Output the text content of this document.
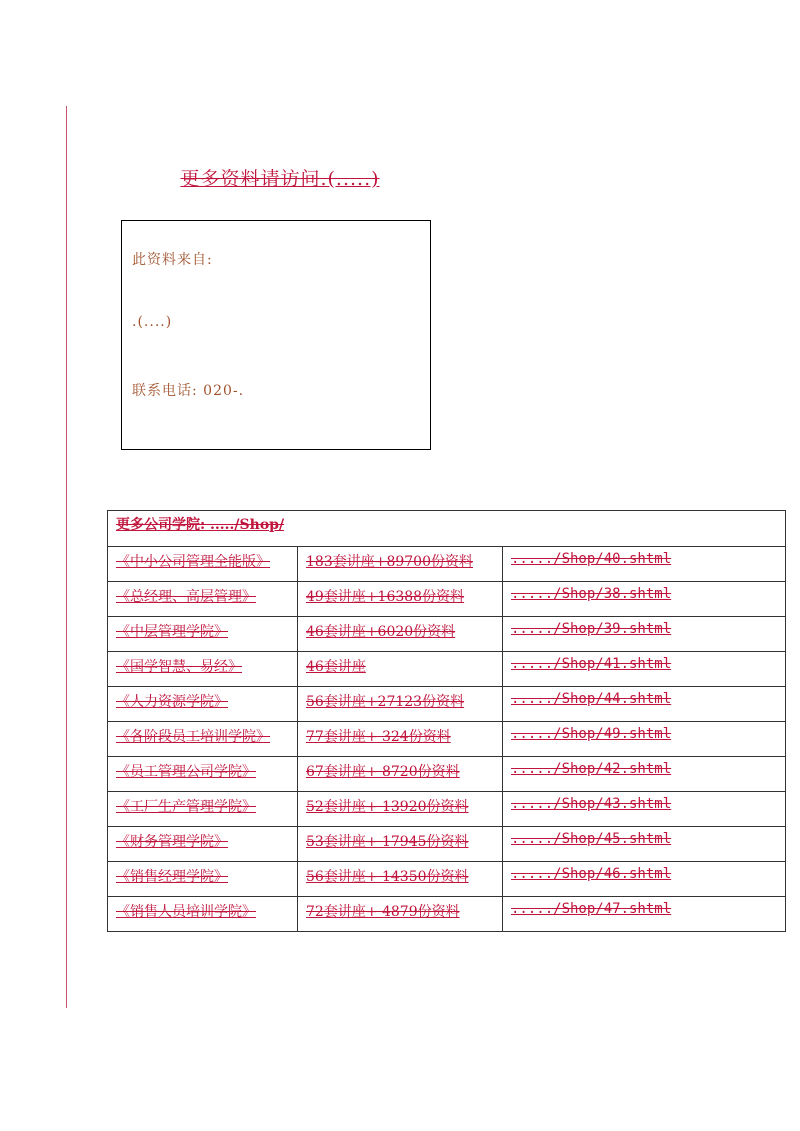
更多资料请访问.(.....)
此资料来自:
.(....)
联系电话: 020-.
更多公司学院: ...../Shop/		
《中小公司管理全能版》	183套讲座+89700份资料	...../Shop/40.shtml
《总经理、高层管理》	49套讲座+16388份资料	...../Shop/38.shtml
《中层管理学院》	46套讲座+6020份资料	...../Shop/39.shtml
《国学智慧、易经》	46套讲座	...../Shop/41.shtml
《人力资源学院》	56套讲座+27123份资料	...../Shop/44.shtml
《各阶段员工培训学院》	77套讲座+ 324份资料	...../Shop/49.shtml
《员工管理公司学院》	67套讲座+ 8720份资料	...../Shop/42.shtml
《工厂生产管理学院》	52套讲座+ 13920份资料	...../Shop/43.shtml
《财务管理学院》	53套讲座+ 17945份资料	...../Shop/45.shtml
《销售经理学院》	56套讲座+ 14350份资料	...../Shop/46.shtml
《销售人员培训学院》	72套讲座+ 4879份资料	...../Shop/47.shtml
